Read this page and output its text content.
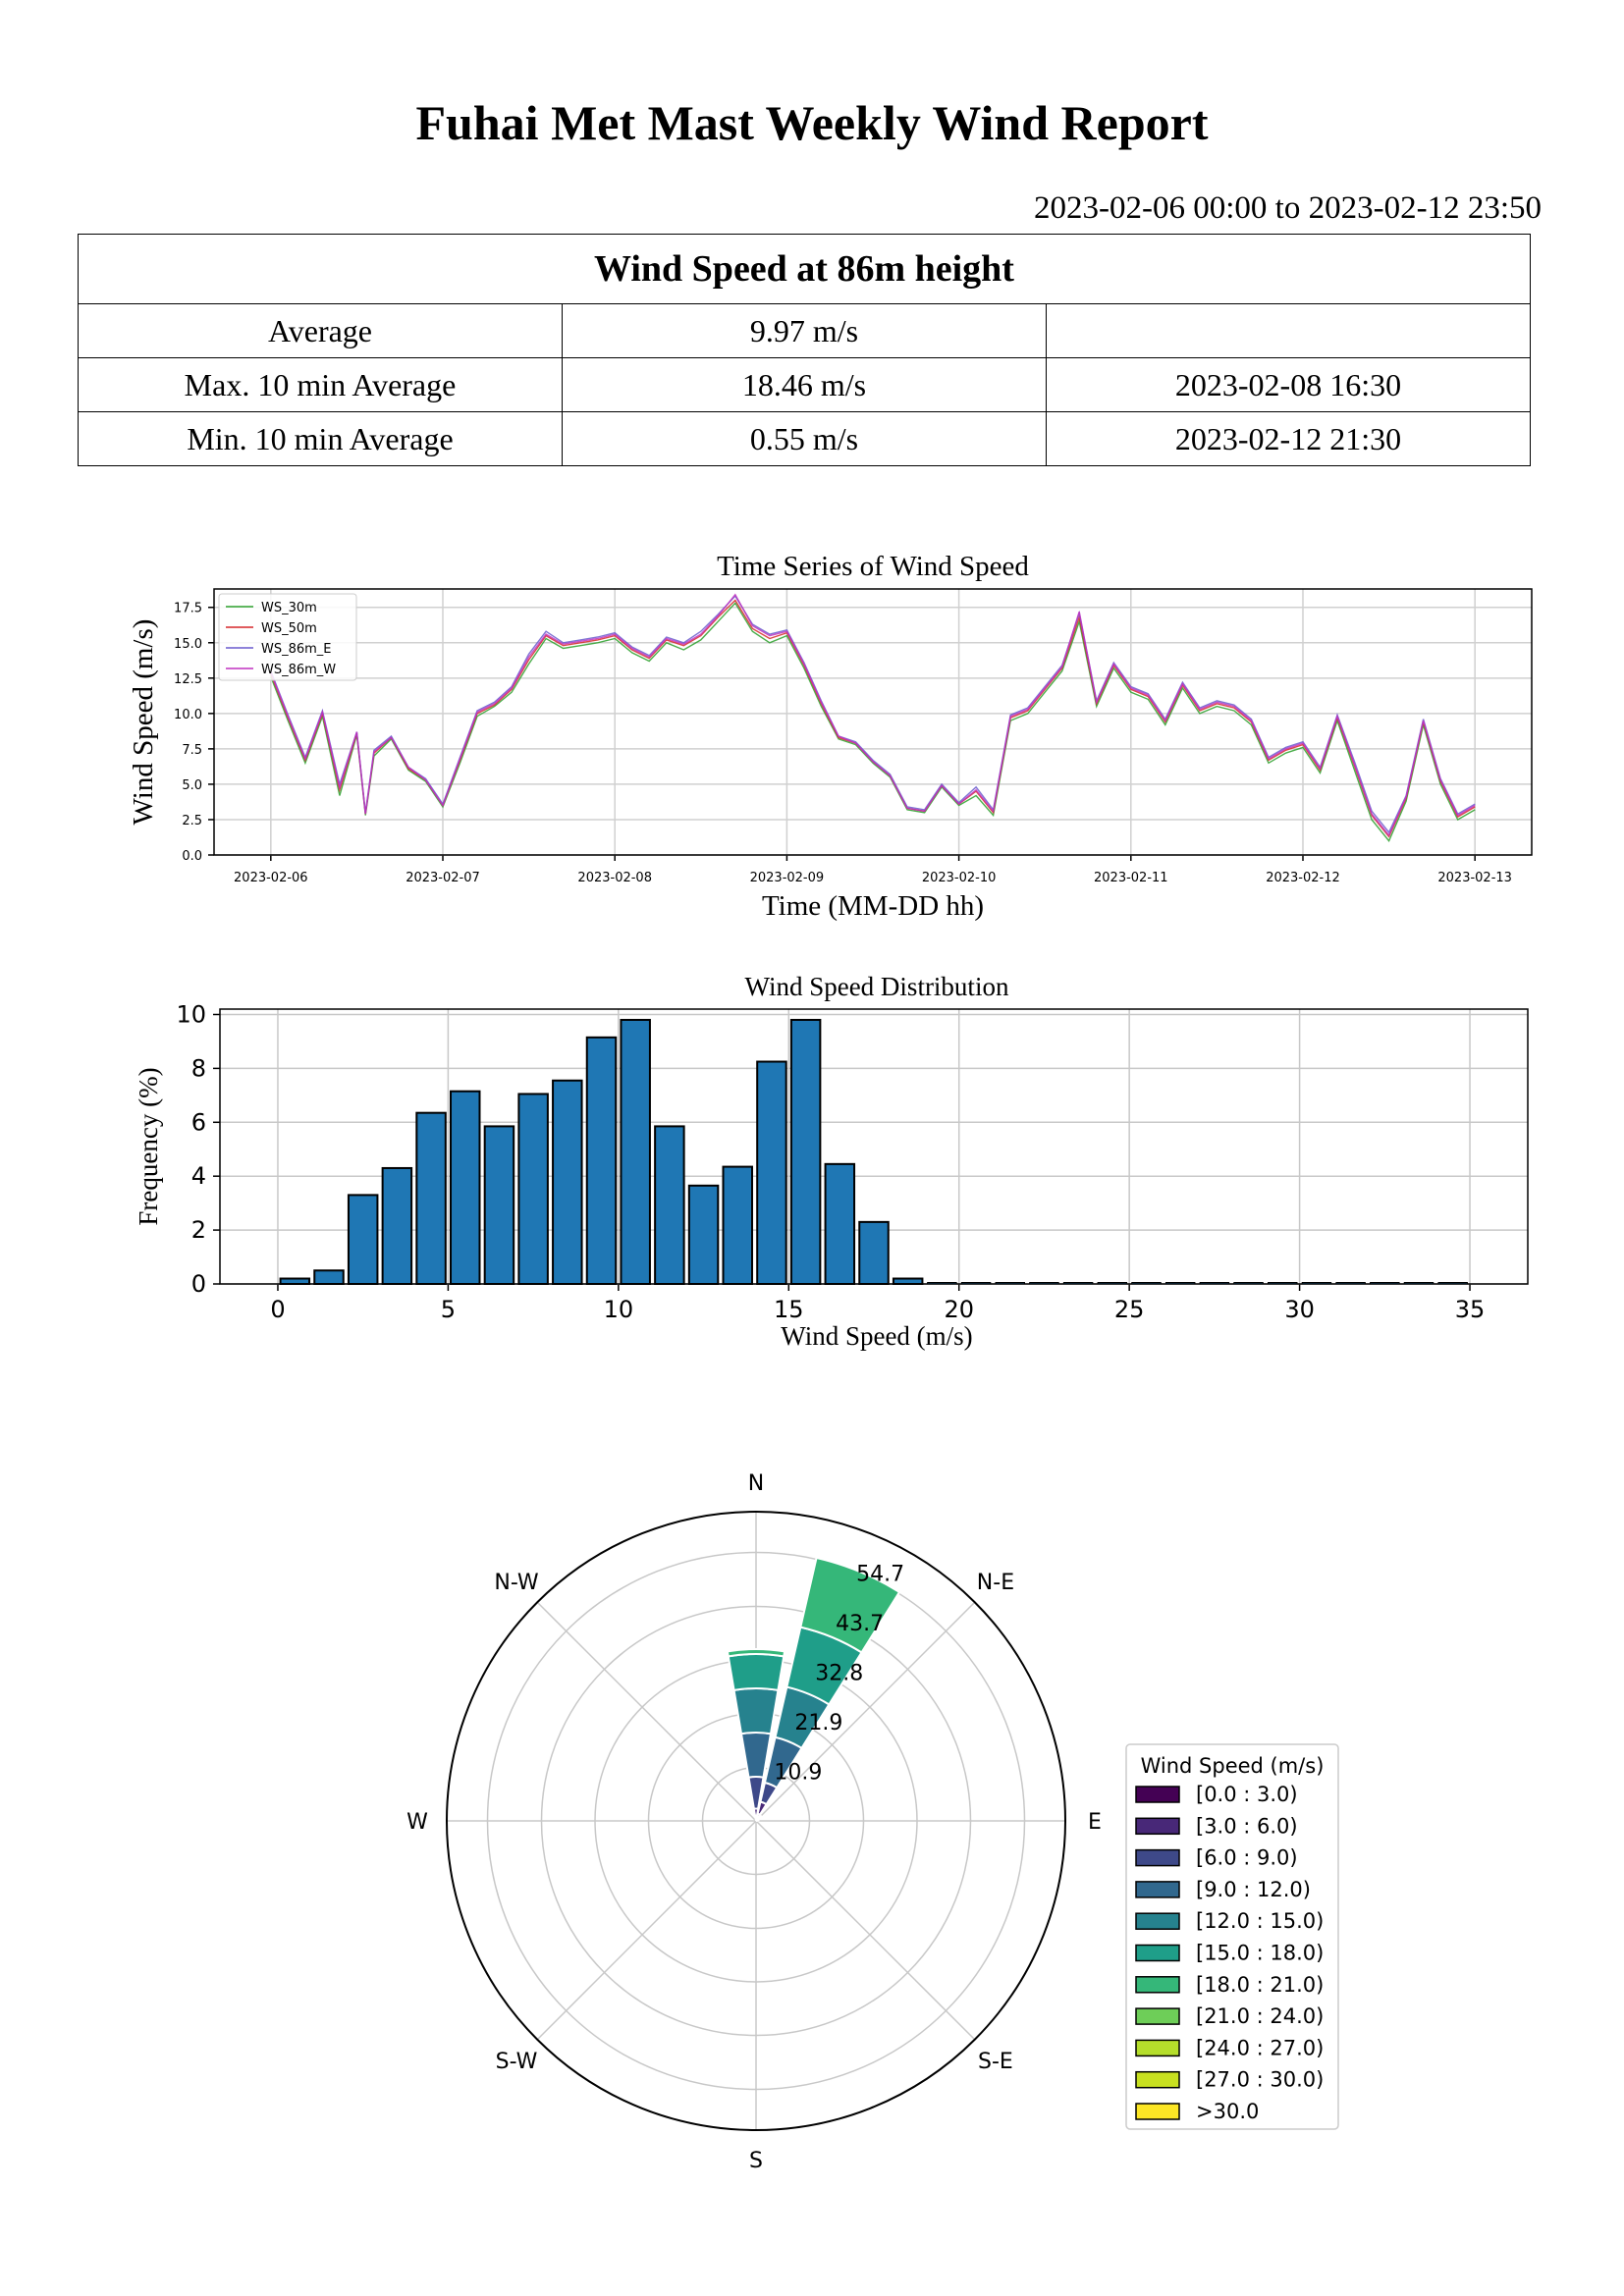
Fuhai Met Mast Weekly Wind Report
2023-02-06 00:00 to 2023-02-12 23:50
Wind Speed at 86m height		
Average	9.97 m/s	
Max. 10 min Average	18.46 m/s	2023-02-08 16:30
Min. 10 min Average	0.55 m/s	2023-02-12 21:30
2023-02-06	2023-02-07	2023-02-08	2023-02-09	2023-02-10	2023-02-11	2023-02-12	2023-02-13
0.0
2.5
5.0
7.5
10.0
12.5
15.0
17.5
Time Series of Wind Speed
Time (MM-DD hh)
Wind Speed (m/s)
WS_30m
WS_50m
WS_86m_E
WS_86m_W
0	5	10	15	20	25	30	35
0
2
4
6
8
10
Wind Speed Distribution
Wind Speed (m/s)
Frequency (%)
N
N-E
E
S-E
S
S-W
W
N-W
10.9
21.9
32.8
43.7
54.7
Wind Speed (m/s)
[0.0 : 3.0)
[3.0 : 6.0)
[6.0 : 9.0)
[9.0 : 12.0)
[12.0 : 15.0)
[15.0 : 18.0)
[18.0 : 21.0)
[21.0 : 24.0)
[24.0 : 27.0)
[27.0 : 30.0)
>30.0
